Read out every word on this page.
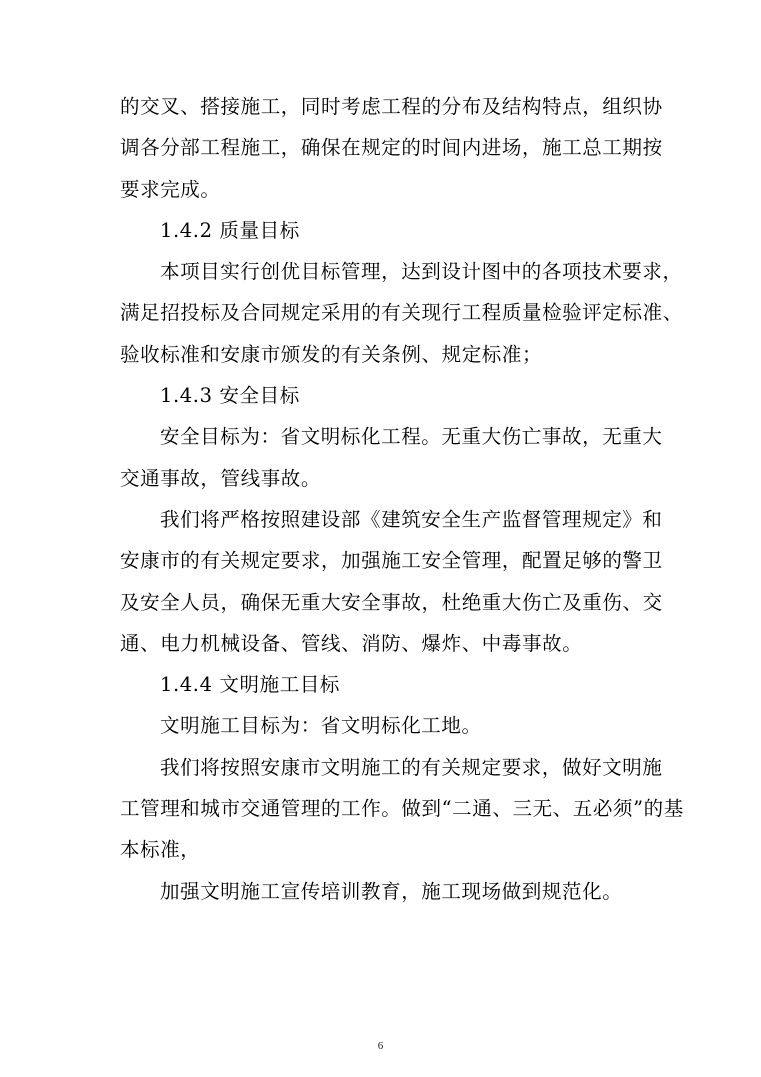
的交叉、搭接施工，同时考虑工程的分布及结构特点，组织协
调各分部工程施工，确保在规定的时间内进场，施工总工期按
要求完成。
1.4.2 质量目标
本项目实行创优目标管理，达到设计图中的各项技术要求，
满足招投标及合同规定采用的有关现行工程质量检验评定标准、
验收标准和安康市颁发的有关条例、规定标准；
1.4.3 安全目标
安全目标为：省文明标化工程。无重大伤亡事故，无重大
交通事故，管线事故。
我们将严格按照建设部《建筑安全生产监督管理规定》和
安康市的有关规定要求，加强施工安全管理，配置足够的警卫
及安全人员，确保无重大安全事故，杜绝重大伤亡及重伤、交
通、电力机械设备、管线、消防、爆炸、中毒事故。
1.4.4 文明施工目标
文明施工目标为：省文明标化工地。
我们将按照安康市文明施工的有关规定要求，做好文明施
工管理和城市交通管理的工作。做到“二通、三无、五必须”的基
本标准，
加强文明施工宣传培训教育，施工现场做到规范化。
6
